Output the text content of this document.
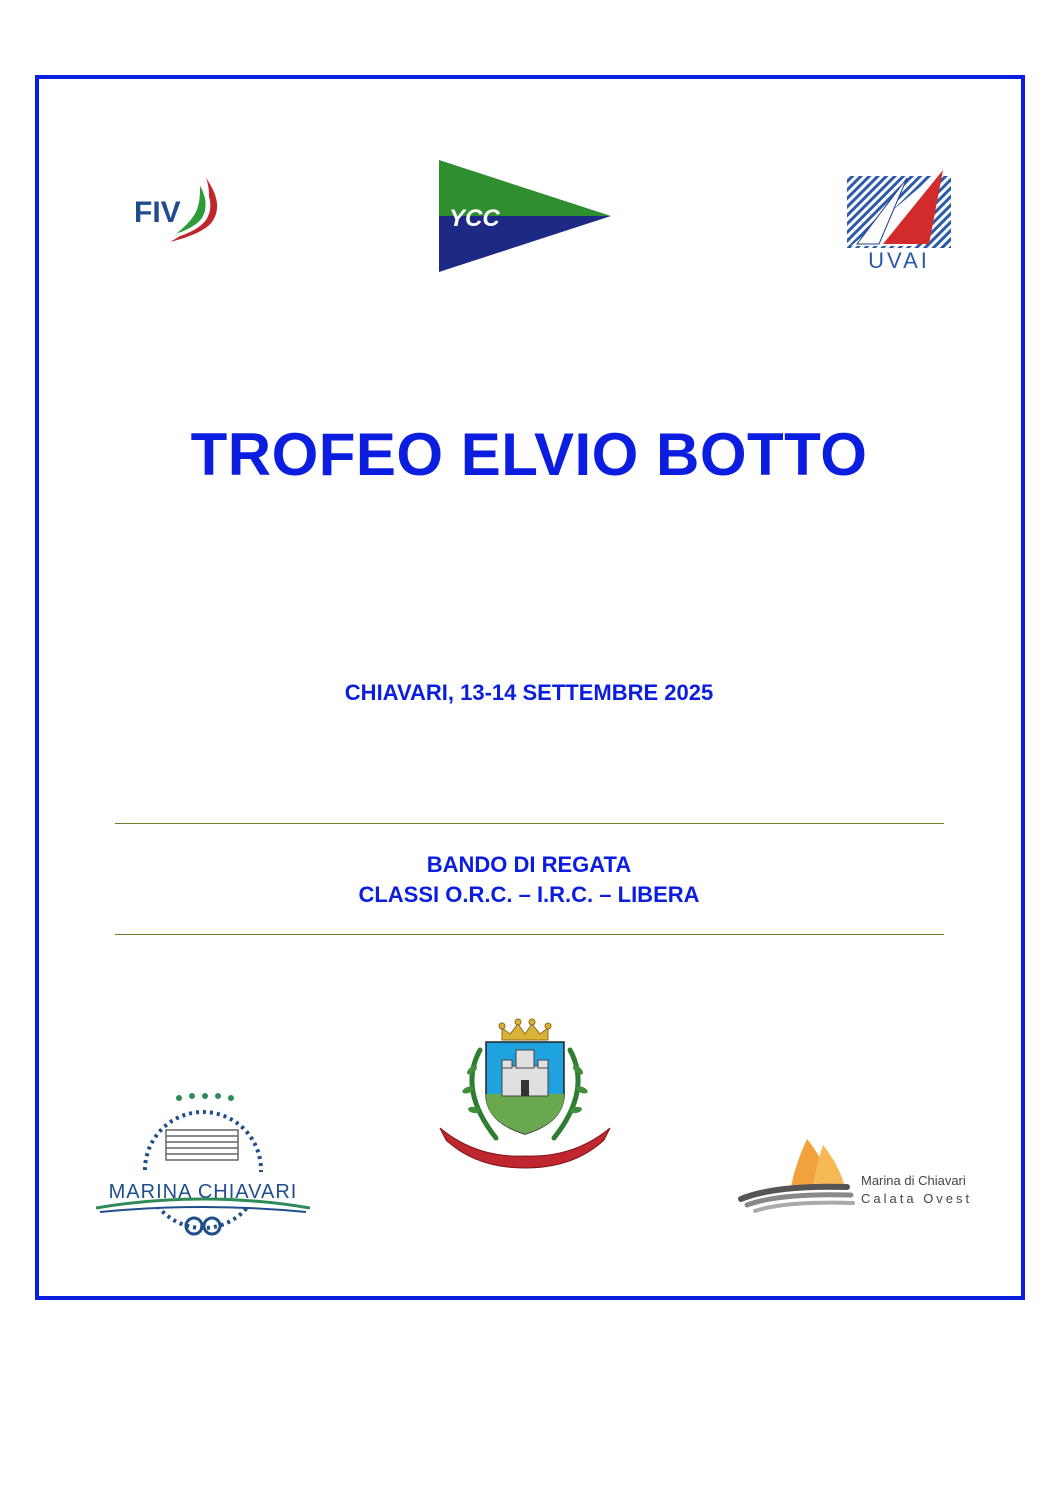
FIV	YCC
UVAI
TROFEO ELVIO BOTTO
CHIAVARI, 13-14 SETTEMBRE 2025
BANDO DI REGATA
CLASSI O.R.C. – I.R.C. – LIBERA
MARINA CHIAVARI
Marina di Chiavari
Calata Ovest
